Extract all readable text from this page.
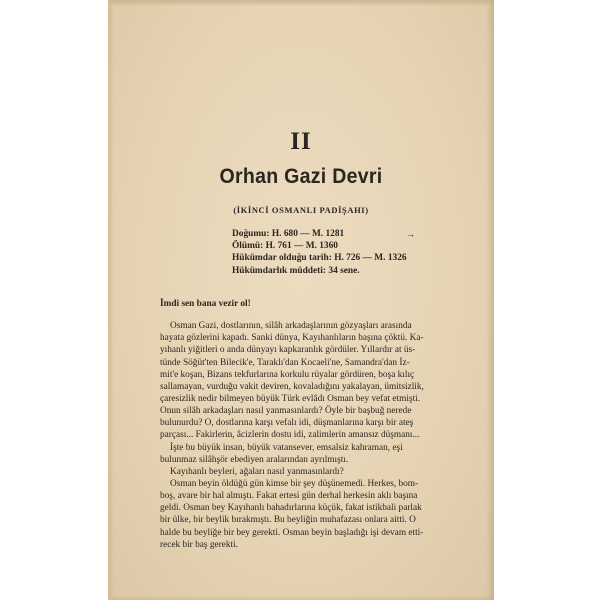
II
Orhan Gazi Devri
(İKİNCİ OSMANLI PADİŞAHI)
Doğumu: H. 680 — M. 1281	→
Ölümü: H. 761 — M. 1360
Hükümdar olduğu tarih: H. 726 — M. 1326
Hükümdarlık müddeti: 34 sene.
İmdi sen bana vezir ol!
Osman Gazi, dostlarının, silâh arkadaşlarının gözyaşları arasında
hayata gözlerini kapadı. Sanki dünya, Kayıhanlıların başına çöktü. Ka-
yıhanlı yiğitleri o anda dünyayı kapkaranlık gördüler. Yıllardır at üs-
tünde Söğüt'ten Bilecik'e, Taraklı'dan Kocaeli'ne, Samandra'dan İz-
mit'e koşan, Bizans tekfurlarına korkulu rüyalar gördüren, boşa kılıç
sallamayan, vurduğu vakit deviren, kovaladığını yakalayan, ümitsizlik,
çaresizlik nedir bilmeyen büyük Türk evlâdı Osman bey vefat etmişti.
Onun silâh arkadaşları nasıl yanmasınlardı? Öyle bir başbuğ nerede
bulunurdu? O, dostlarına karşı vefalı idi, düşmanlarına karşı bir ateş
parçası... Fakirlerin, âcizlerin dostu idi, zalimlerin amansız düşmanı...
İşte bu büyük insan, büyük vatansever, emsalsiz kahraman, eşi
bulunmaz silâhşör ebediyen aralarından ayrılmıştı.
Kayıhanlı beyleri, ağaları nasıl yanmasınlardı?
Osman beyin öldüğü gün kimse bir şey düşünemedi. Herkes, bom-
boş, avare bir hal almıştı. Fakat ertesi gün derhal herkesin aklı başına
geldi. Osman bey Kayıhanlı bahadırlarına küçük, fakat istikbali parlak
bir ülke, bir beylik bırakmıştı. Bu beyliğin muhafazası onlara aitti. O
halde bu beyliğe bir bey gerekti. Osman beyin başladığı işi devam etti-
recek bir baş gerekti.
